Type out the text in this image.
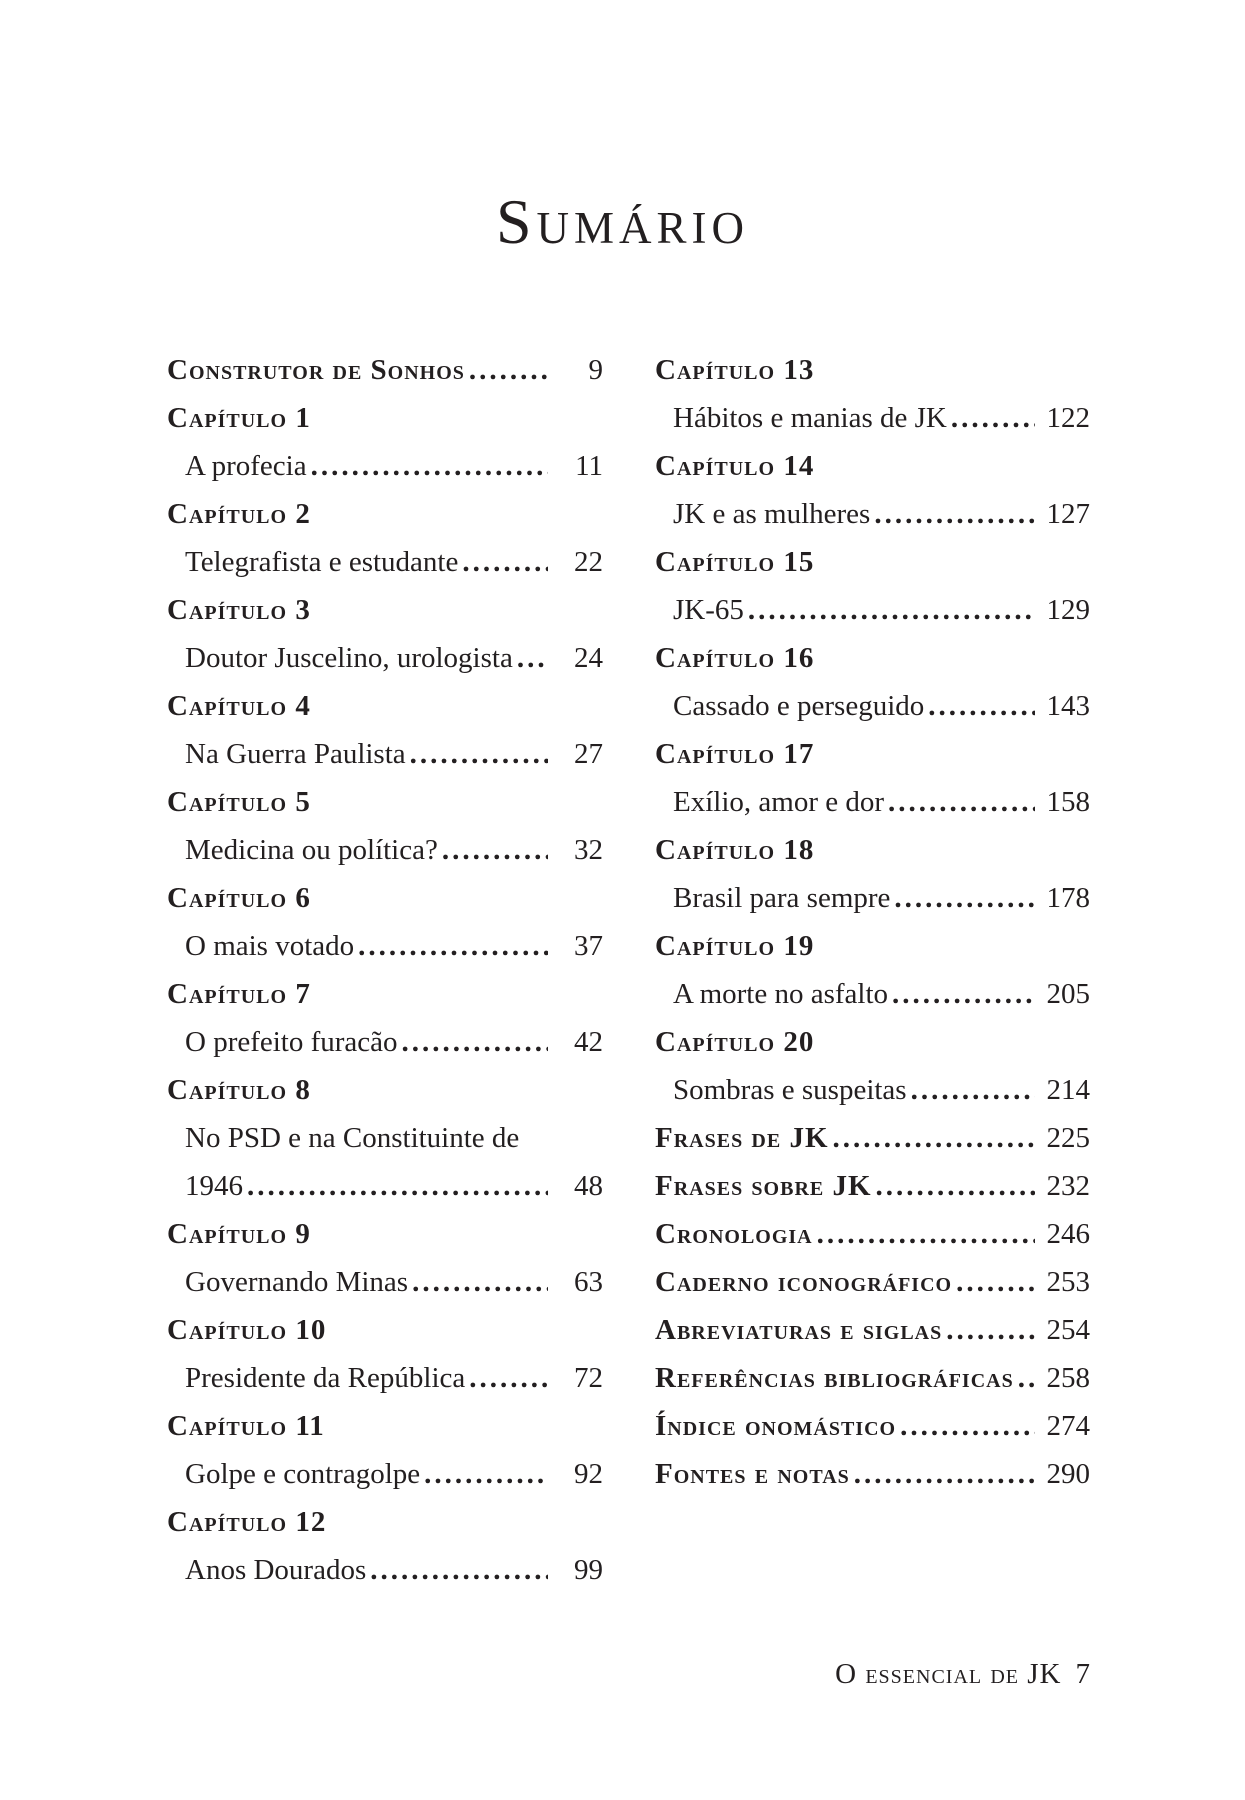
Sumário
Construtor de Sonhos .....	9
Capítulo 1
A profecia .....	11
Capítulo 2
Telegrafista e estudante .....	22
Capítulo 3
Doutor Juscelino, urologista .....	24
Capítulo 4
Na Guerra Paulista .....	27
Capítulo 5
Medicina ou política? .....	32
Capítulo 6
O mais votado .....	37
Capítulo 7
O prefeito furacão .....	42
Capítulo 8
No PSD e na Constituinte de
1946 .....	48
Capítulo 9
Governando Minas .....	63
Capítulo 10
Presidente da República .....	72
Capítulo 11
Golpe e contragolpe .....	92
Capítulo 12
Anos Dourados .....	99
Capítulo 13
Hábitos e manias de JK .....	122
Capítulo 14
JK e as mulheres .....	127
Capítulo 15
JK-65 .....	129
Capítulo 16
Cassado e perseguido .....	143
Capítulo 17
Exílio, amor e dor .....	158
Capítulo 18
Brasil para sempre .....	178
Capítulo 19
A morte no asfalto .....	205
Capítulo 20
Sombras e suspeitas .....	214
Frases de JK .....	225
Frases sobre JK .....	232
Cronologia .....	246
Caderno iconográfico .....	253
Abreviaturas e siglas .....	254
Referências bibliográficas ..... 258
Índice onomástico .....	274
Fontes e notas .....	290
O essencial de JK 7
